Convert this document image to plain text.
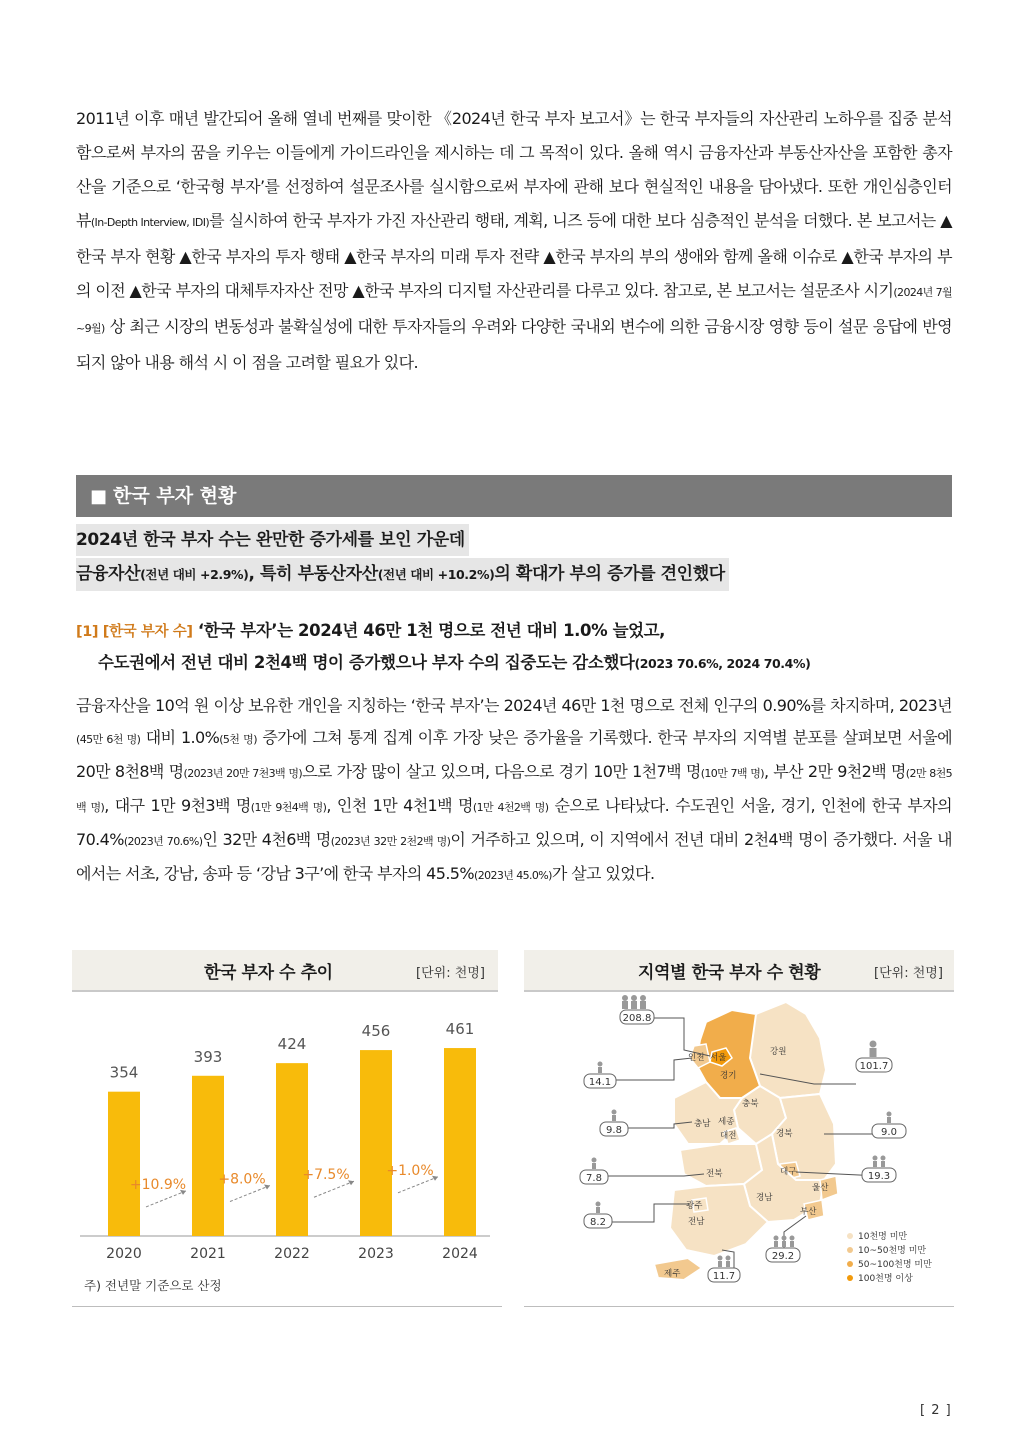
2011년 이후 매년 발간되어 올해 열네 번째를 맞이한 《2024년 한국 부자 보고서》는 한국 부자들의 자산관리 노하우를 집중 분석함으로써 부자의 꿈을 키우는 이들에게 가이드라인을 제시하는 데 그 목적이 있다. 올해 역시 금융자산과 부동산자산을 포함한 총자산을 기준으로 ‘한국형 부자’를 선정하여 설문조사를 실시함으로써 부자에 관해 보다 현실적인 내용을 담아냈다. 또한 개인심층인터뷰(In-Depth Interview, IDI)를 실시하여 한국 부자가 가진 자산관리 행태, 계획, 니즈 등에 대한 보다 심층적인 분석을 더했다. 본 보고서는 ▲한국 부자 현황 ▲한국 부자의 투자 행태 ▲한국 부자의 미래 투자 전략 ▲한국 부자의 부의 생애와 함께 올해 이슈로 ▲한국 부자의 부의 이전 ▲한국 부자의 대체투자자산 전망 ▲한국 부자의 디지털 자산관리를 다루고 있다. 참고로, 본 보고서는 설문조사 시기(2024년 7월~9월) 상 최근 시장의 변동성과 불확실성에 대한 투자자들의 우려와 다양한 국내외 변수에 의한 금융시장 영향 등이 설문 응답에 반영되지 않아 내용 해석 시 이 점을 고려할 필요가 있다.
■ 한국 부자 현황
2024년 한국 부자 수는 완만한 증가세를 보인 가운데
금융자산(전년 대비 +2.9%), 특히 부동산자산(전년 대비 +10.2%)의 확대가 부의 증가를 견인했다
[1] [한국 부자 수] ‘한국 부자’는 2024년 46만 1천 명으로 전년 대비 1.0% 늘었고,
수도권에서 전년 대비 2천4백 명이 증가했으나 부자 수의 집중도는 감소했다(2023 70.6%, 2024 70.4%)
금융자산을 10억 원 이상 보유한 개인을 지칭하는 ‘한국 부자’는 2024년 46만 1천 명으로 전체 인구의 0.90%를 차지하며, 2023년(45만 6천 명) 대비 1.0%(5천 명) 증가에 그쳐 통계 집계 이후 가장 낮은 증가율을 기록했다. 한국 부자의 지역별 분포를 살펴보면 서울에 20만 8천8백 명(2023년 20만 7천3백 명)으로 가장 많이 살고 있으며, 다음으로 경기 10만 1천7백 명(10만 7백 명), 부산 2만 9천2백 명(2만 8천5백 명), 대구 1만 9천3백 명(1만 9천4백 명), 인천 1만 4천1백 명(1만 4천2백 명) 순으로 나타났다. 수도권인 서울, 경기, 인천에 한국 부자의 70.4%(2023년 70.6%)인 32만 4천6백 명(2023년 32만 2천2백 명)이 거주하고 있으며, 이 지역에서 전년 대비 2천4백 명이 증가했다. 서울 내에서는 서초, 강남, 송파 등 ‘강남 3구’에 한국 부자의 45.5%(2023년 45.0%)가 살고 있었다.
한국 부자 수 추이	[단위: 천명]
354
2020
393
2021
424
2022
456
2023
461
2024
+10.9% +8.0%	+7.5%	+1.0%
주) 전년말 기준으로 산정
지역별 한국 부자 수 현황	[단위: 천명]
인천 서울
경기
강원
충북
충남 세종
대전	경북
대구
전북
광주
전남
경남
울산
부산
제주
208.8
101.7
14.1
9.8	9.0
19.3
7.8
8.2
29.2
11.7
10천명 미만
10~50천명 미만
50~100천명 미만
100천명 이상
[ 2 ]
